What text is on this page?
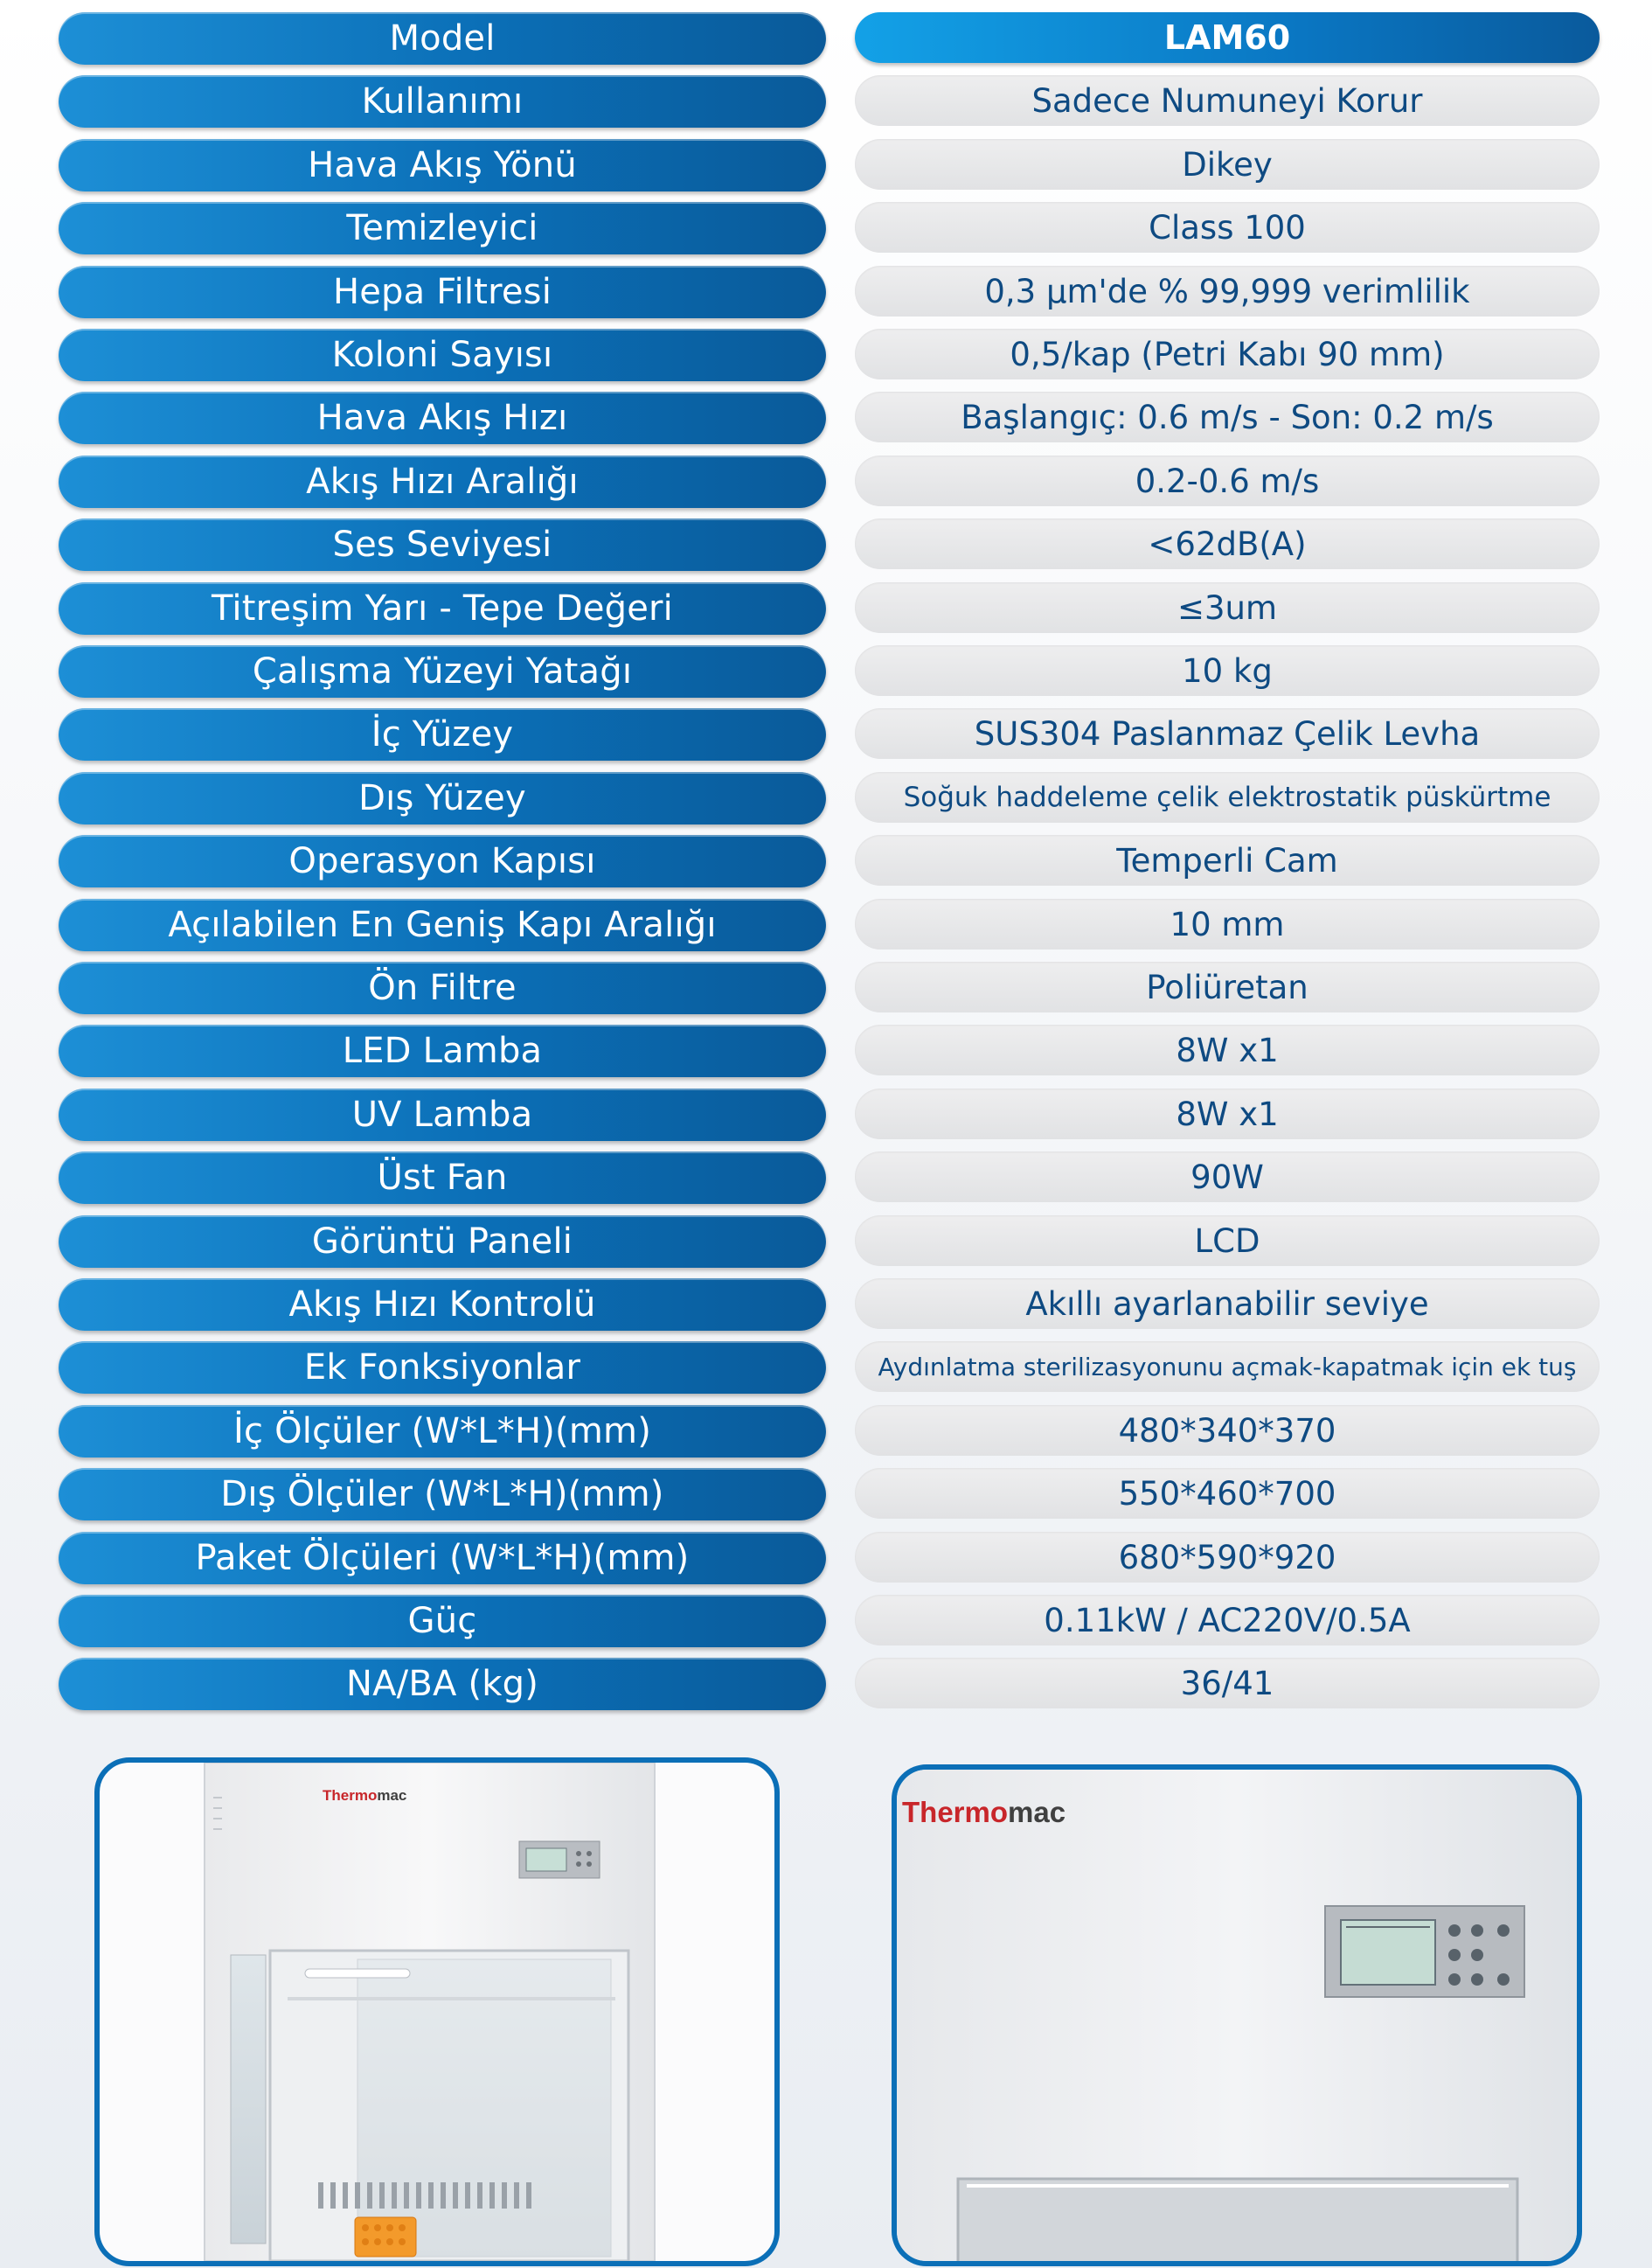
Model	LAM60
Kullanımı	Sadece Numuneyi Korur
Hava Akış Yönü	Dikey
Temizleyici	Class 100
Hepa Filtresi	0,3 µm'de % 99,999 verimlilik
Koloni Sayısı	0,5/kap (Petri Kabı 90 mm)
Hava Akış Hızı	Başlangıç: 0.6 m/s - Son: 0.2 m/s
Akış Hızı Aralığı	0.2-0.6 m/s
Ses Seviyesi	<62dB(A)
Titreşim Yarı - Tepe Değeri	≤3um
Çalışma Yüzeyi Yatağı	10 kg
İç Yüzey	SUS304 Paslanmaz Çelik Levha
Dış Yüzey	Soğuk haddeleme çelik elektrostatik püskürtme
Operasyon Kapısı	Temperli Cam
Açılabilen En Geniş Kapı Aralığı	10 mm
Ön Filtre	Poliüretan
LED Lamba	8W x1
UV Lamba	8W x1
Üst Fan	90W
Görüntü Paneli	LCD
Akış Hızı Kontrolü	Akıllı ayarlanabilir seviye
Ek Fonksiyonlar	Aydınlatma sterilizasyonunu açmak-kapatmak için ek tuş
İç Ölçüler (W*L*H)(mm)	480*340*370
Dış Ölçüler (W*L*H)(mm)	550*460*700
Paket Ölçüleri (W*L*H)(mm)	680*590*920
Güç	0.11kW / AC220V/0.5A
NA/BA (kg)	36/41
Thermomac
Thermomac
